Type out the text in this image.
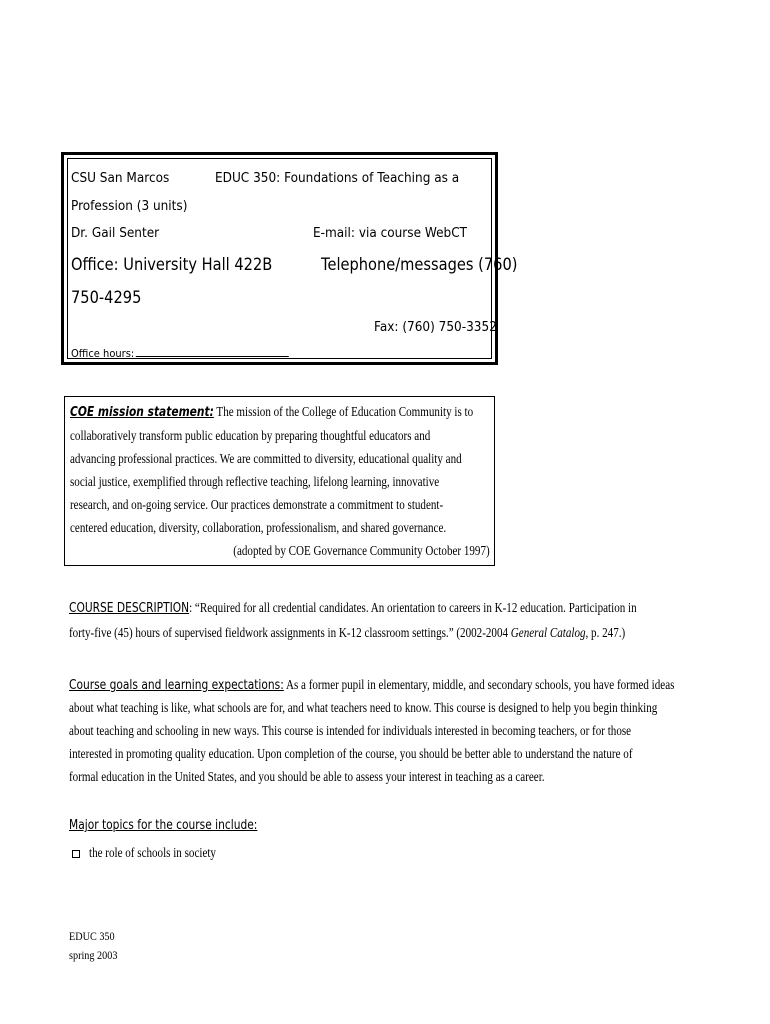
CSU San Marcos	EDUC 350: Foundations of Teaching as a
Profession (3 units)
Dr. Gail Senter	E-mail: via course WebCT
Office: University Hall 422B	Telephone/messages (760)
750-4295
Fax: (760) 750-3352
Office hours:
COE mission statement: The mission of the College of Education Community is to
collaboratively transform public education by preparing thoughtful educators and
advancing professional practices. We are committed to diversity, educational quality and
social justice, exemplified through reflective teaching, lifelong learning, innovative
research, and on-going service. Our practices demonstrate a commitment to student-
centered education, diversity, collaboration, professionalism, and shared governance.
(adopted by COE Governance Community October 1997)
COURSE DESCRIPTION: “Required for all credential candidates. An orientation to careers in K-12 education. Participation in
forty-five (45) hours of supervised fieldwork assignments in K-12 classroom settings.” (2002-2004 General Catalog, p. 247.)
Course goals and learning expectations: As a former pupil in elementary, middle, and secondary schools, you have formed ideas
about what teaching is like, what schools are for, and what teachers need to know. This course is designed to help you begin thinking
about teaching and schooling in new ways. This course is intended for individuals interested in becoming teachers, or for those
interested in promoting quality education. Upon completion of the course, you should be better able to understand the nature of
formal education in the United States, and you should be able to assess your interest in teaching as a career.
Major topics for the course include:
the role of schools in society
EDUC 350
spring 2003
